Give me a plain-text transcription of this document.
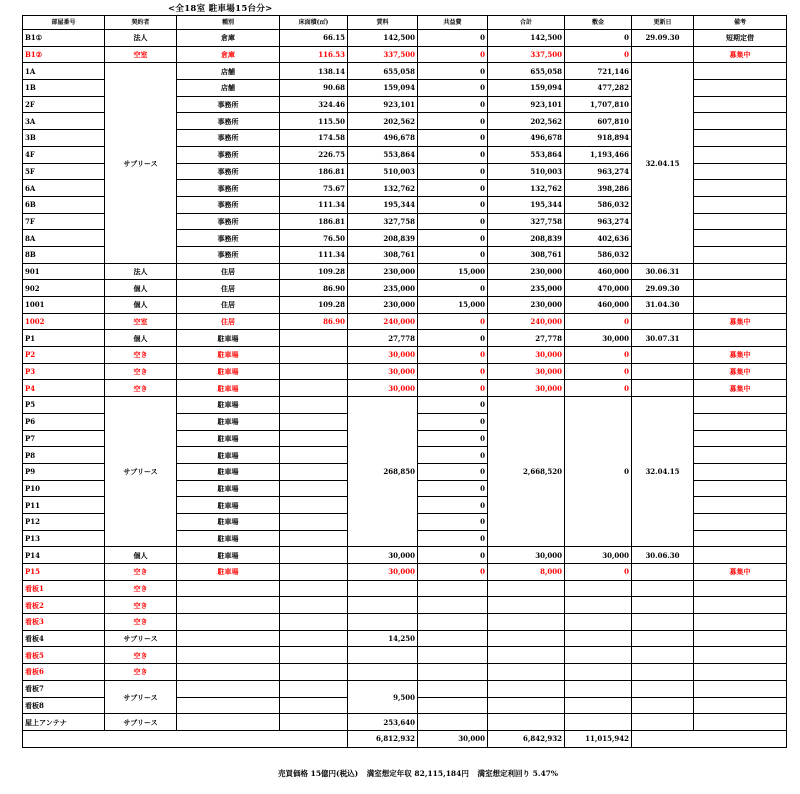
<全18室 駐車場15台分>
部屋番号	契約者	種別	床面積(㎡)	賃料	共益費	合計	敷金	更新日	備考
B1①	法人	倉庫	66.15	142,500	0	142,500	0	29.09.30	短期定借
B1②	空室	倉庫	116.53	337,500	0	337,500	0		募集中
1A	サブリース	店舗	138.14	655,058	0	655,058	721,146	32.04.15	
1B		店舗	90.68	159,094	0	159,094	477,282		
2F		事務所	324.46	923,101	0	923,101	1,707,810		
3A		事務所	115.50	202,562	0	202,562	607,810		
3B		事務所	174.58	496,678	0	496,678	918,894		
4F		事務所	226.75	553,864	0	553,864	1,193,466		
5F		事務所	186.81	510,003	0	510,003	963,274		
6A		事務所	75.67	132,762	0	132,762	398,286		
6B		事務所	111.34	195,344	0	195,344	586,032		
7F		事務所	186.81	327,758	0	327,758	963,274		
8A		事務所	76.50	208,839	0	208,839	402,636		
8B		事務所	111.34	308,761	0	308,761	586,032		
901	法人	住居	109.28	230,000	15,000	230,000	460,000	30.06.31	
902	個人	住居	86.90	235,000	0	235,000	470,000	29.09.30	
1001	個人	住居	109.28	230,000	15,000	230,000	460,000	31.04.30	
1002	空室	住居	86.90	240,000	0	240,000	0		募集中
P1	個人	駐車場		27,778	0	27,778	30,000	30.07.31	
P2	空き	駐車場		30,000	0	30,000	0		募集中
P3	空き	駐車場		30,000	0	30,000	0		募集中
P4	空き	駐車場		30,000	0	30,000	0		募集中
P5	サブリース	駐車場		268,850	0	2,668,520	0	32.04.15	
P6		駐車場			0				
P7		駐車場			0				
P8		駐車場			0				
P9		駐車場			0				
P10		駐車場			0				
P11		駐車場			0				
P12		駐車場			0				
P13		駐車場			0				
P14	個人	駐車場		30,000	0	30,000	30,000	30.06.30	
P15	空き	駐車場		30,000	0	8,000	0		募集中
看板1	空き								
看板2	空き								
看板3	空き								
看板4	サブリース			14,250					
看板5	空き								
看板6	空き								
看板7	サブリース			9,500					
看板8									
屋上アンテナ	サブリース			253,640					
				6,812,932	30,000	6,842,932	11,015,942		
売買価格 15億円(税込) 満室想定年収 82,115,184円 満室想定利回り 5.47%
